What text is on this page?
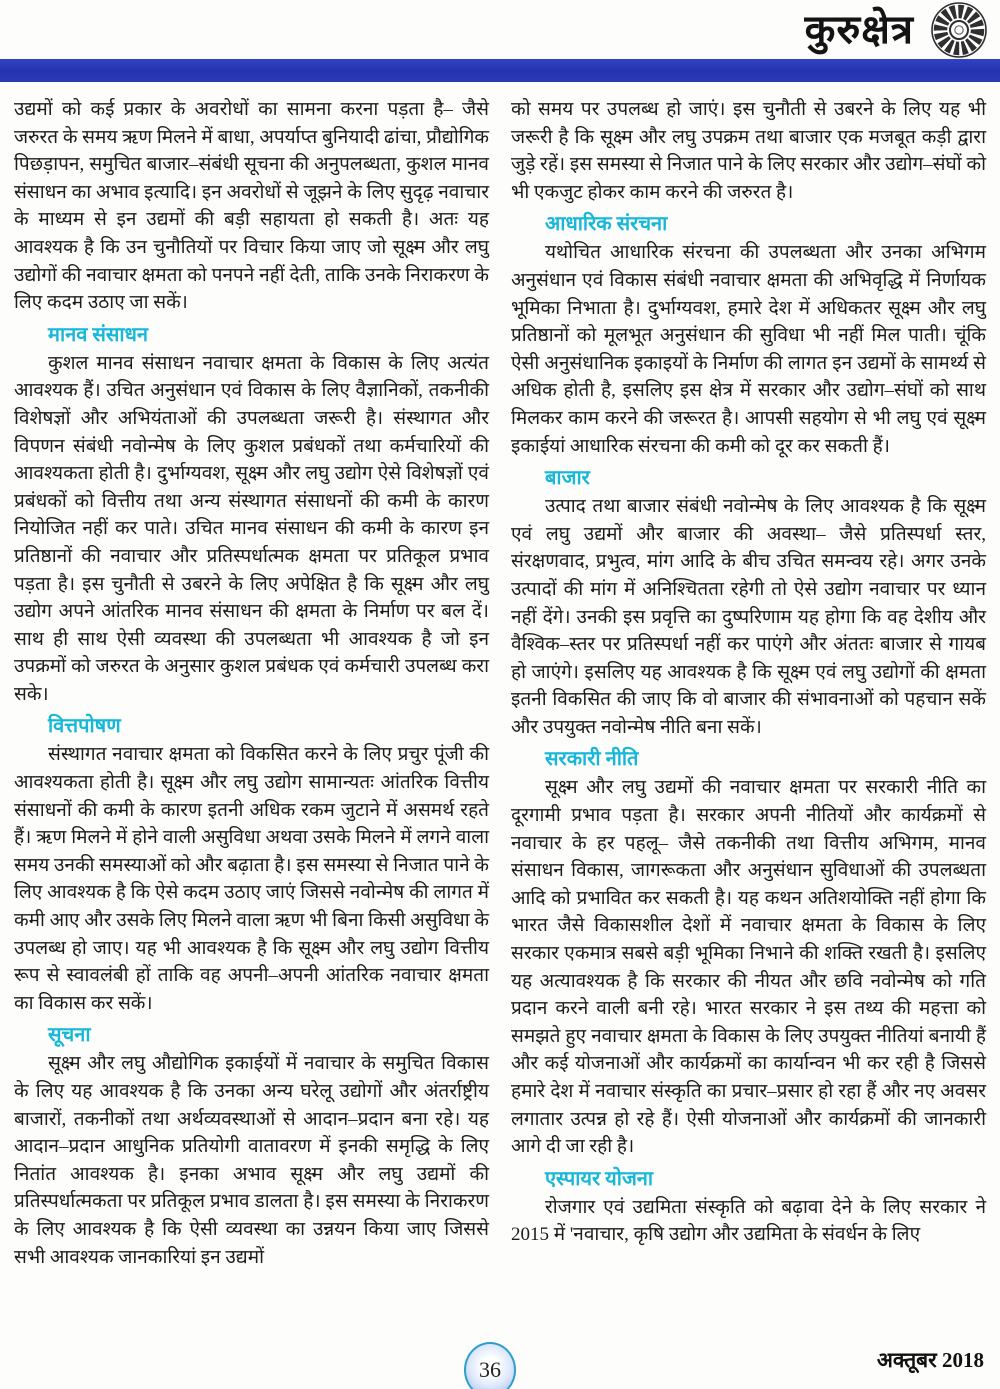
कुरुक्षेत्र

उद्यमों को कई प्रकार के अवरोधों का सामना करना पड़ता है– जैसे जरुरत के समय ऋण मिलने में बाधा, अपर्याप्त बुनियादी ढांचा, प्रौद्योगिक पिछड़ापन, समुचित बाजार–संबंधी सूचना की अनुपलब्धता, कुशल मानव संसाधन का अभाव इत्यादि। इन अवरोधों से जूझने के लिए सुदृढ़ नवाचार के माध्यम से इन उद्यमों की बड़ी सहायता हो सकती है। अतः यह आवश्यक है कि उन चुनौतियों पर विचार किया जाए जो सूक्ष्म और लघु उद्योगों की नवाचार क्षमता को पनपने नहीं देती, ताकि उनके निराकरण के लिए कदम उठाए जा सकें।

मानव संसाधन

कुशल मानव संसाधन नवाचार क्षमता के विकास के लिए अत्यंत आवश्यक हैं। उचित अनुसंधान एवं विकास के लिए वैज्ञानिकों, तकनीकी विशेषज्ञों और अभियंताओं की उपलब्धता जरूरी है। संस्थागत और विपणन संबंधी नवोन्मेष के लिए कुशल प्रबंधकों तथा कर्मचारियों की आवश्यकता होती है। दुर्भाग्यवश, सूक्ष्म और लघु उद्योग ऐसे विशेषज्ञों एवं प्रबंधकों को वित्तीय तथा अन्य संस्थागत संसाधनों की कमी के कारण नियोजित नहीं कर पाते। उचित मानव संसाधन की कमी के कारण इन प्रतिष्ठानों की नवाचार और प्रतिस्पर्धात्मक क्षमता पर प्रतिकूल प्रभाव पड़ता है। इस चुनौती से उबरने के लिए अपेक्षित है कि सूक्ष्म और लघु उद्योग अपने आंतरिक मानव संसाधन की क्षमता के निर्माण पर बल दें। साथ ही साथ ऐसी व्यवस्था की उपलब्धता भी आवश्यक है जो इन उपक्रमों को जरुरत के अनुसार कुशल प्रबंधक एवं कर्मचारी उपलब्ध करा सके।

वित्तपोषण

संस्थागत नवाचार क्षमता को विकसित करने के लिए प्रचुर पूंजी की आवश्यकता होती है। सूक्ष्म और लघु उद्योग सामान्यतः आंतरिक वित्तीय संसाधनों की कमी के कारण इतनी अधिक रकम जुटाने में असमर्थ रहते हैं। ऋण मिलने में होने वाली असुविधा अथवा उसके मिलने में लगने वाला समय उनकी समस्याओं को और बढ़ाता है। इस समस्या से निजात पाने के लिए आवश्यक है कि ऐसे कदम उठाए जाएं जिससे नवोन्मेष की लागत में कमी आए और उसके लिए मिलने वाला ऋण भी बिना किसी असुविधा के उपलब्ध हो जाए। यह भी आवश्यक है कि सूक्ष्म और लघु उद्योग वित्तीय रूप से स्वावलंबी हों ताकि वह अपनी–अपनी आंतरिक नवाचार क्षमता का विकास कर सकें।

सूचना

सूक्ष्म और लघु औद्योगिक इकाईयों में नवाचार के समुचित विकास के लिए यह आवश्यक है कि उनका अन्य घरेलू उद्योगों और अंतर्राष्ट्रीय बाजारों, तकनीकों तथा अर्थव्यवस्थाओं से आदान–प्रदान बना रहे। यह आदान–प्रदान आधुनिक प्रतियोगी वातावरण में इनकी समृद्धि के लिए नितांत आवश्यक है। इनका अभाव सूक्ष्म और लघु उद्यमों की प्रतिस्पर्धात्मकता पर प्रतिकूल प्रभाव डालता है। इस समस्या के निराकरण के लिए आवश्यक है कि ऐसी व्यवस्था का उन्नयन किया जाए जिससे सभी आवश्यक जानकारियां इन उद्यमों

को समय पर उपलब्ध हो जाएं। इस चुनौती से उबरने के लिए यह भी जरूरी है कि सूक्ष्म और लघु उपक्रम तथा बाजार एक मजबूत कड़ी द्वारा जुड़े रहें। इस समस्या से निजात पाने के लिए सरकार और उद्योग–संघों को भी एकजुट होकर काम करने की जरुरत है।

आधारिक संरचना

यथोचित आधारिक संरचना की उपलब्धता और उनका अभिगम अनुसंधान एवं विकास संबंधी नवाचार क्षमता की अभिवृद्धि में निर्णायक भूमिका निभाता है। दुर्भाग्यवश, हमारे देश में अधिकतर सूक्ष्म और लघु प्रतिष्ठानों को मूलभूत अनुसंधान की सुविधा भी नहीं मिल पाती। चूंकि ऐसी अनुसंधानिक इकाइयों के निर्माण की लागत इन उद्यमों के सामर्थ्य से अधिक होती है, इसलिए इस क्षेत्र में सरकार और उद्योग–संघों को साथ मिलकर काम करने की जरूरत है। आपसी सहयोग से भी लघु एवं सूक्ष्म इकाईयां आधारिक संरचना की कमी को दूर कर सकती हैं।

बाजार

उत्पाद तथा बाजार संबंधी नवोन्मेष के लिए आवश्यक है कि सूक्ष्म एवं लघु उद्यमों और बाजार की अवस्था– जैसे प्रतिस्पर्धा स्तर, संरक्षणवाद, प्रभुत्व, मांग आदि के बीच उचित समन्वय रहे। अगर उनके उत्पादों की मांग में अनिश्चितता रहेगी तो ऐसे उद्योग नवाचार पर ध्यान नहीं देंगे। उनकी इस प्रवृत्ति का दुष्परिणाम यह होगा कि वह देशीय और वैश्विक–स्तर पर प्रतिस्पर्धा नहीं कर पाएंगे और अंततः बाजार से गायब हो जाएंगे। इसलिए यह आवश्यक है कि सूक्ष्म एवं लघु उद्योगों की क्षमता इतनी विकसित की जाए कि वो बाजार की संभावनाओं को पहचान सकें और उपयुक्त नवोन्मेष नीति बना सकें।

सरकारी नीति

सूक्ष्म और लघु उद्यमों की नवाचार क्षमता पर सरकारी नीति का दूरगामी प्रभाव पड़ता है। सरकार अपनी नीतियों और कार्यक्रमों से नवाचार के हर पहलू– जैसे तकनीकी तथा वित्तीय अभिगम, मानव संसाधन विकास, जागरूकता और अनुसंधान सुविधाओं की उपलब्धता आदि को प्रभावित कर सकती है। यह कथन अतिशयोक्ति नहीं होगा कि भारत जैसे विकासशील देशों में नवाचार क्षमता के विकास के लिए सरकार एकमात्र सबसे बड़ी भूमिका निभाने की शक्ति रखती है। इसलिए यह अत्यावश्यक है कि सरकार की नीयत और छवि नवोन्मेष को गति प्रदान करने वाली बनी रहे। भारत सरकार ने इस तथ्य की महत्ता को समझते हुए नवाचार क्षमता के विकास के लिए उपयुक्त नीतियां बनायी हैं और कई योजनाओं और कार्यक्रमों का कार्यान्वन भी कर रही है जिससे हमारे देश में नवाचार संस्कृति का प्रचार–प्रसार हो रहा हैं और नए अवसर लगातार उत्पन्न हो रहे हैं। ऐसी योजनाओं और कार्यक्रमों की जानकारी आगे दी जा रही है।

एस्पायर योजना

रोजगार एवं उद्यमिता संस्कृति को बढ़ावा देने के लिए सरकार ने 2015 में 'नवाचार, कृषि उद्योग और उद्यमिता के संवर्धन के लिए

36	अक्तूबर 2018
